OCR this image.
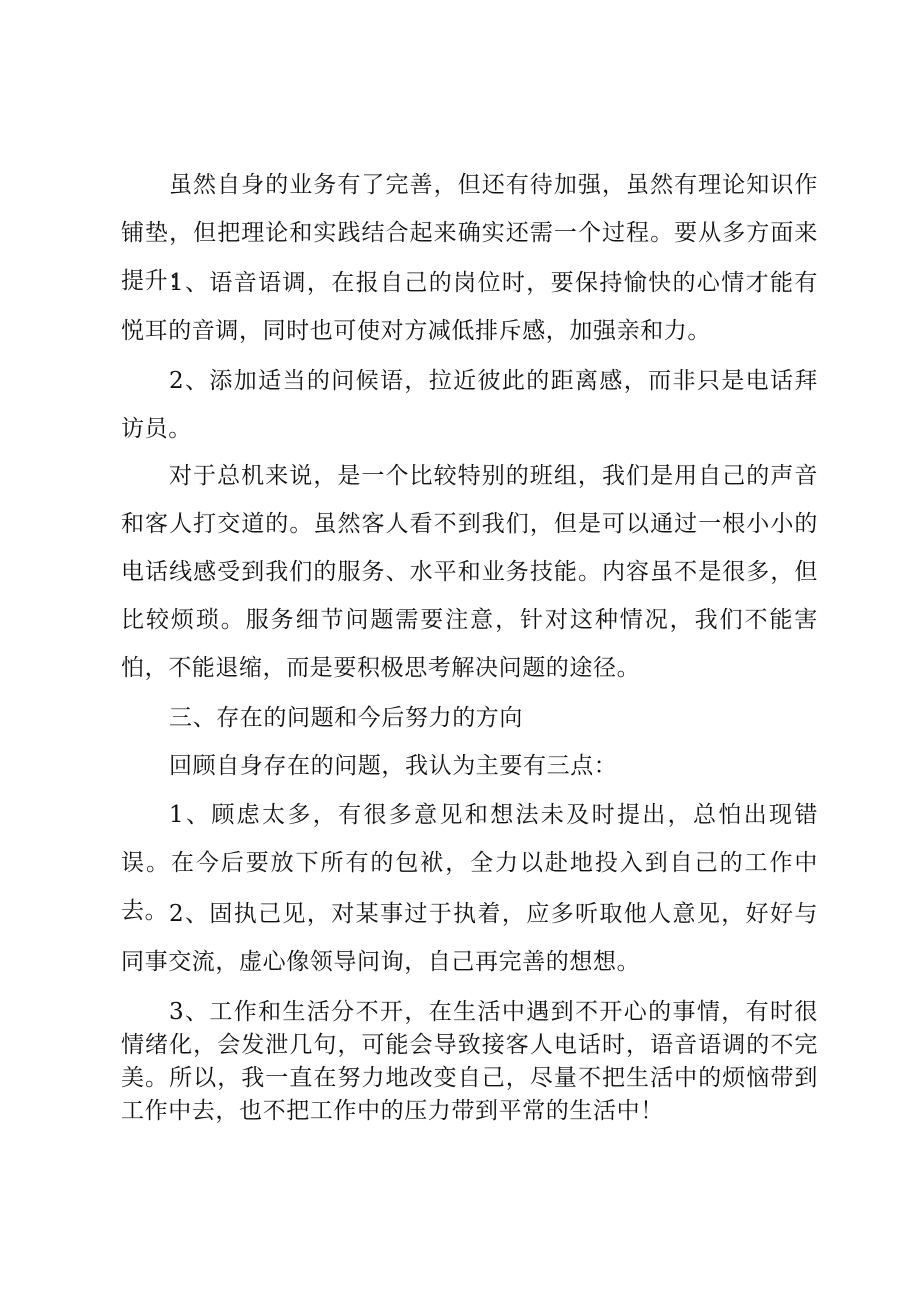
虽然自身的业务有了完善，但还有待加强，虽然有理论知识作铺垫，但把理论和实践结合起来确实还需一个过程。要从多方面来提升：

1、语音语调，在报自己的岗位时，要保持愉快的心情才能有悦耳的音调，同时也可使对方减低排斥感，加强亲和力。

2、添加适当的问候语，拉近彼此的距离感，而非只是电话拜访员。

对于总机来说，是一个比较特别的班组，我们是用自己的声音和客人打交道的。虽然客人看不到我们，但是可以通过一根小小的电话线感受到我们的服务、水平和业务技能。内容虽不是很多，但比较烦琐。服务细节问题需要注意，针对这种情况，我们不能害怕，不能退缩，而是要积极思考解决问题的途径。

三、存在的问题和今后努力的方向

回顾自身存在的问题，我认为主要有三点：

1、顾虑太多，有很多意见和想法未及时提出，总怕出现错误。在今后要放下所有的包袱，全力以赴地投入到自己的工作中去。 2、固执己见，对某事过于执着，应多听取他人意见，好好与同事交流，虚心像领导问询，自己再完善的想想。

3、工作和生活分不开，在生活中遇到不开心的事情，有时很情绪化，会发泄几句，可能会导致接客人电话时，语音语调的不完美。所以，我一直在努力地改变自己，尽量不把生活中的烦恼带到工作中去，也不把工作中的压力带到平常的生活中！
